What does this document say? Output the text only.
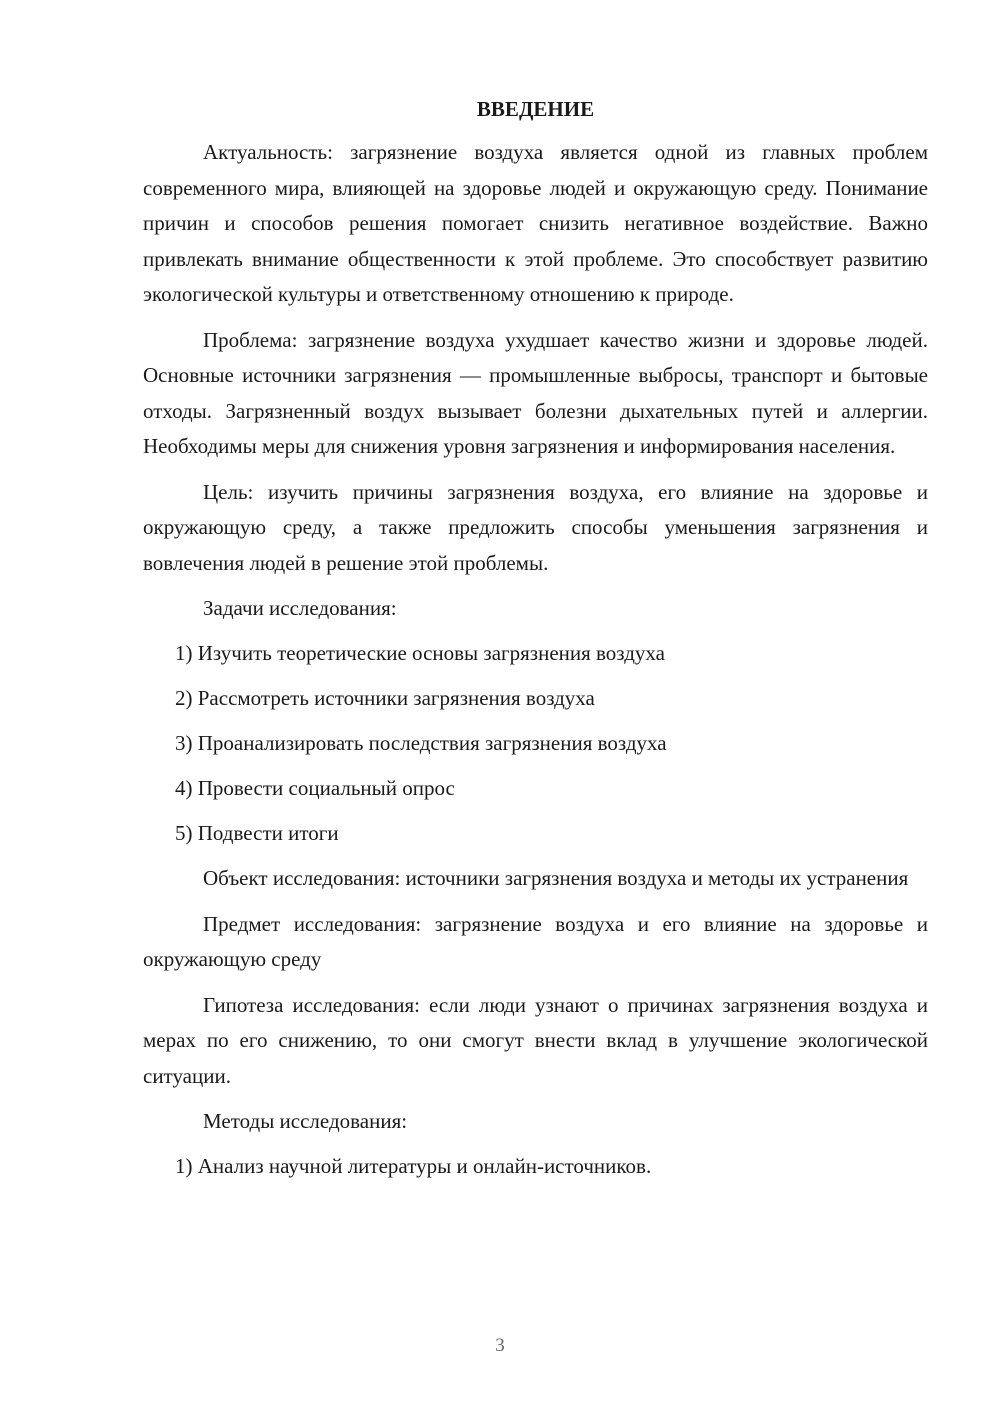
ВВЕДЕНИЕ

Актуальность: загрязнение воздуха является одной из главных проблем современного мира, влияющей на здоровье людей и окружающую среду. Понимание причин и способов решения помогает снизить негативное воздействие. Важно привлекать внимание общественности к этой проблеме. Это способствует развитию экологической культуры и ответственному отношению к природе.

Проблема: загрязнение воздуха ухудшает качество жизни и здоровье людей. Основные источники загрязнения — промышленные выбросы, транспорт и бытовые отходы. Загрязненный воздух вызывает болезни дыхательных путей и аллергии. Необходимы меры для снижения уровня загрязнения и информирования населения.

Цель: изучить причины загрязнения воздуха, его влияние на здоровье и окружающую среду, а также предложить способы уменьшения загрязнения и вовлечения людей в решение этой проблемы.

Задачи исследования:
1) Изучить теоретические основы загрязнения воздуха
2) Рассмотреть источники загрязнения воздуха
3) Проанализировать последствия загрязнения воздуха
4) Провести социальный опрос
5) Подвести итоги

Объект исследования: источники загрязнения воздуха и методы их устранения

Предмет исследования: загрязнение воздуха и его влияние на здоровье и окружающую среду

Гипотеза исследования: если люди узнают о причинах загрязнения воздуха и мерах по его снижению, то они смогут внести вклад в улучшение экологической ситуации.

Методы исследования:
1) Анализ научной литературы и онлайн-источников.
3
